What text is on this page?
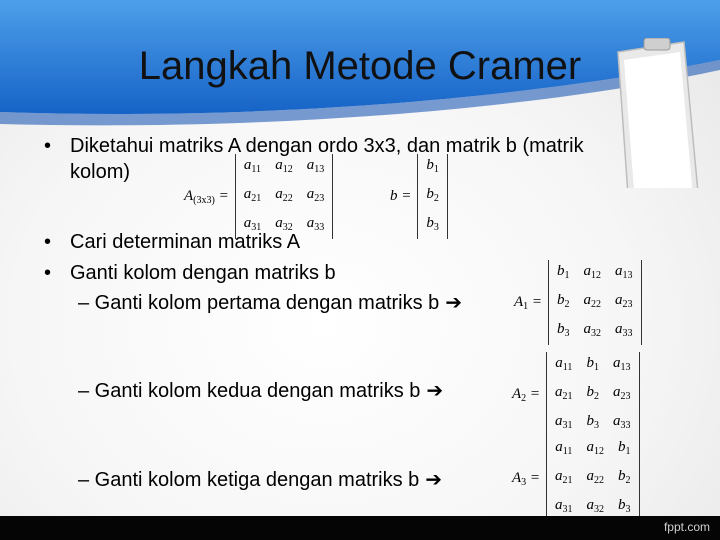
Langkah Metode Cramer
• Diketahui matriks A dengan ordo 3x3, dan matrik b (matrik
kolom)
$A_{(3x3)}$ =
$a_{11}$ $a_{12}$ $a_{13}$
$a_{21}$ $a_{22}$ $a_{23}$
$a_{31}$ $a_{32}$ $a_{33}$
b =
$b_1$
$b_2$
$b_3$
• Cari determinan matriks A
• Ganti kolom dengan matriks b
– Ganti kolom pertama dengan matriks b ➔	$A_1$ =
$b_1$ $a_{12}$ $a_{13}$
$b_2$ $a_{22}$ $a_{23}$
$b_3$ $a_{32}$ $a_{33}$
– Ganti kolom kedua dengan matriks b ➔	$A_2$ =
$a_{11}$ $b_1$ $a_{13}$
$a_{21}$ $b_2$ $a_{23}$
$a_{31}$ $b_3$ $a_{33}$
– Ganti kolom ketiga dengan matriks b ➔	$A_3$ =
$a_{11}$ $a_{12}$ $b_1$
$a_{21}$ $a_{22}$ $b_2$
$a_{31}$ $a_{32}$ $b_3$
fppt.com
